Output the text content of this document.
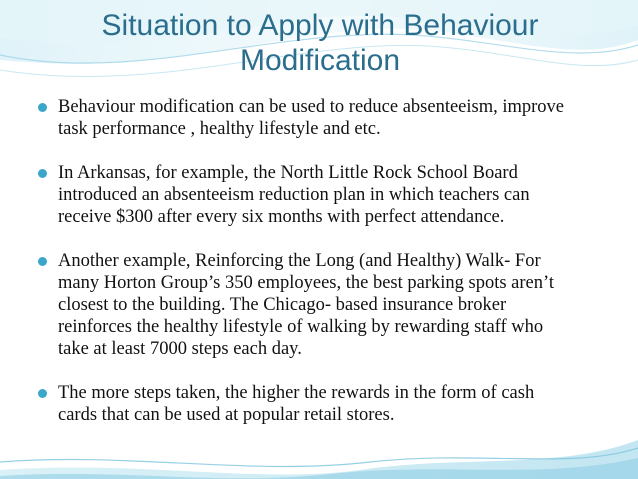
Situation to Apply with Behaviour
Modification
Behaviour modification can be used to reduce absenteeism, improve
task performance , healthy lifestyle and etc.
In Arkansas, for example, the North Little Rock School Board
introduced an absenteeism reduction plan in which teachers can
receive $300 after every six months with perfect attendance.
Another example, Reinforcing the Long (and Healthy) Walk- For
many Horton Group’s 350 employees, the best parking spots aren’t
closest to the building. The Chicago- based insurance broker
reinforces the healthy lifestyle of walking by rewarding staff who
take at least 7000 steps each day.
The more steps taken, the higher the rewards in the form of cash
cards that can be used at popular retail stores.
